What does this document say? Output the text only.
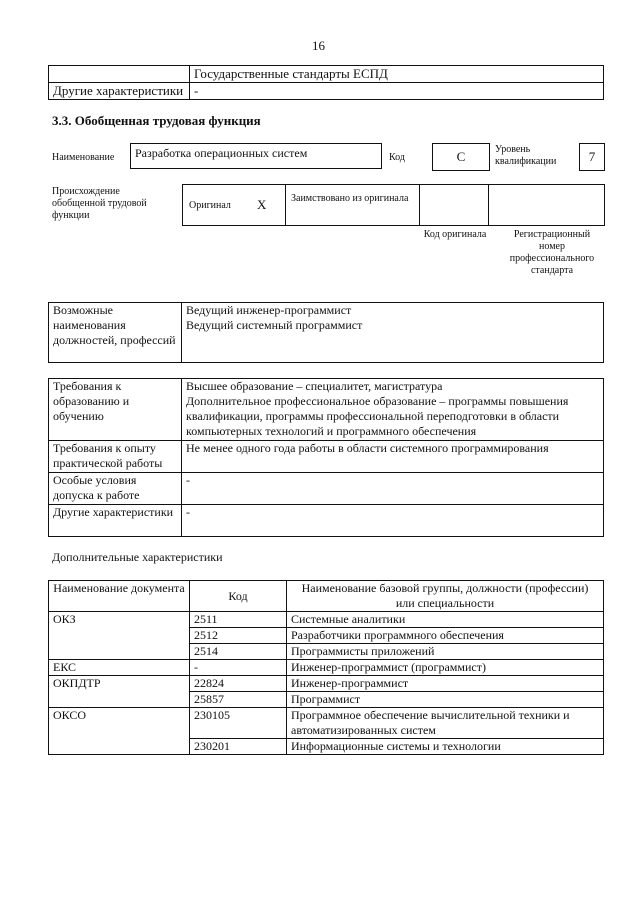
16
	Государственные стандарты ЕСПД
Другие характеристики	-
3.3. Обобщенная трудовая функция
Наименование	Разработка операционных систем	Код	С	Уровень квалификации	7
Происхождение обобщенной трудовой функции
Оригинал X Заимствовано из оригинала
Код оригинала	Регистрационный номер профессионального стандарта
Возможные наименования должностей, профессий	Ведущий инженер-программист
Ведущий системный программист
Требования к образованию и обучению	Высшее образование – специалитет, магистратура
Дополнительное профессиональное образование – программы повышения квалификации, программы профессиональной переподготовки в области компьютерных технологий и программного обеспечения
Требования к опыту практической работы	Не менее одного года работы в области системного программирования
Особые условия допуска к работе	-
Другие характеристики	-
Дополнительные характеристики
Наименование документа	Код	Наименование базовой группы, должности (профессии) или специальности
ОКЗ	2511	Системные аналитики
	2512	Разработчики программного обеспечения
	2514	Программисты приложений
ЕКС	-	Инженер-программист (программист)
ОКПДТР	22824	Инженер-программист
	25857	Программист
ОКСО	230105	Программное обеспечение вычислительной техники и автоматизированных систем
	230201	Информационные системы и технологии
